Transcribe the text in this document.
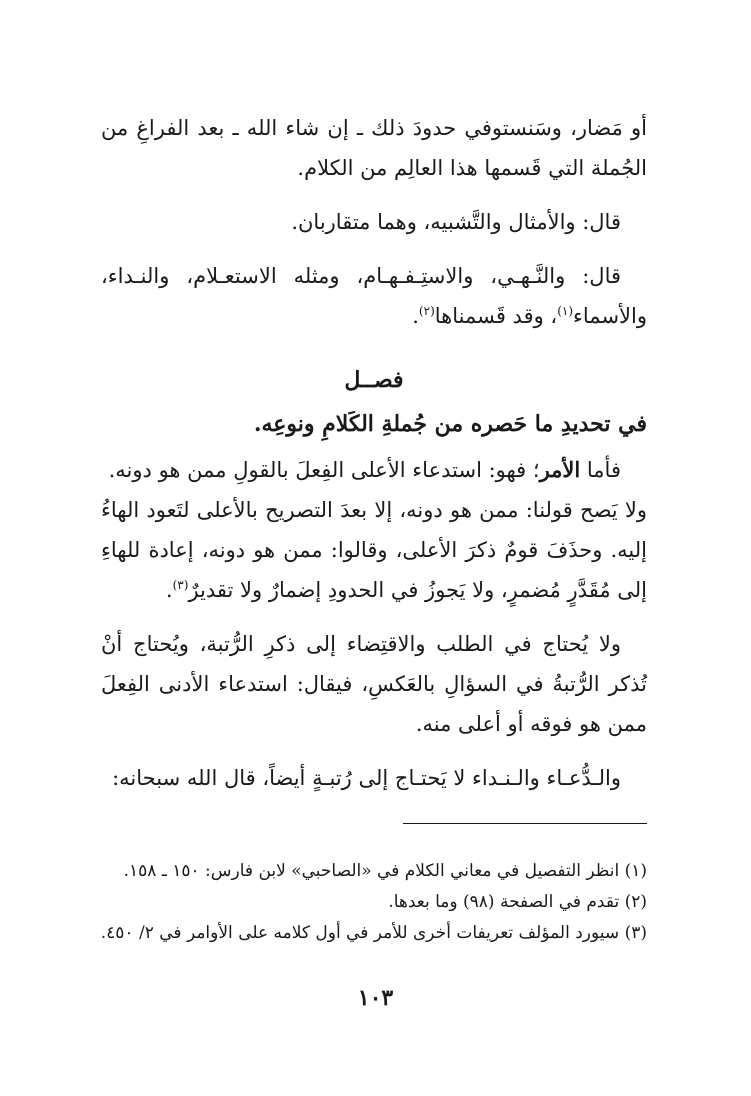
أو مَضار، وسَنستوفي حدودَ ذلك ـ إن شاء الله ـ بعد الفراغِ من الجُملة التي قَسمها هذا العالِم من الكلام.

قال: والأمثال والتَّشبيه، وهما متقاربان.

قال: والنَّـهـي، والاستِـفـهـام، ومثله الاستعـلام، والنـداء، والأسماء$^{(١)}$، وقد قَسمناها$^{(٢)}$.

فصــل

في تحديدِ ما حَصره من جُملةِ الكَلامِ ونوعِه.

فأما الأمر؛ فهو: استدعاء الأعلى الفِعلَ بالقولِ ممن هو دونه.

ولا يَصح قولنا: ممن هو دونه، إلا بعدَ التصريح بالأعلى لتَعود الهاءُ إليه. وحذَفَ قومٌ ذكرَ الأعلى، وقالوا: ممن هو دونه، إعادة للهاءِ إلى مُقَدَّرٍ مُضمرٍ، ولا يَجوزُ في الحدودِ إضمارٌ ولا تقديرٌ$^{(٣)}$.

ولا يُحتاج في الطلب والاقتِضاء إلى ذكرِ الرُّتبة، ويُحتاج أنْ تُذكر الرُّتبةُ في السؤالِ بالعَكسِ، فيقال: استدعاء الأدنى الفِعلَ ممن هو فوقه أو أعلى منه.

والـدُّعـاء والـنـداء لا يَحتـاج إلى رُتبـةٍ أيضاً، قال الله سبحانه:

(١) انظر التفصيل في معاني الكلام في «الصاحبي» لابن فارس: ١٥٠ ـ ١٥٨.

(٢) تقدم في الصفحة (٩٨) وما بعدها.

(٣) سيورد المؤلف تعريفات أخرى للأمر في أول كلامه على الأوامر في ٢/ ٤٥٠.

١٠٣
